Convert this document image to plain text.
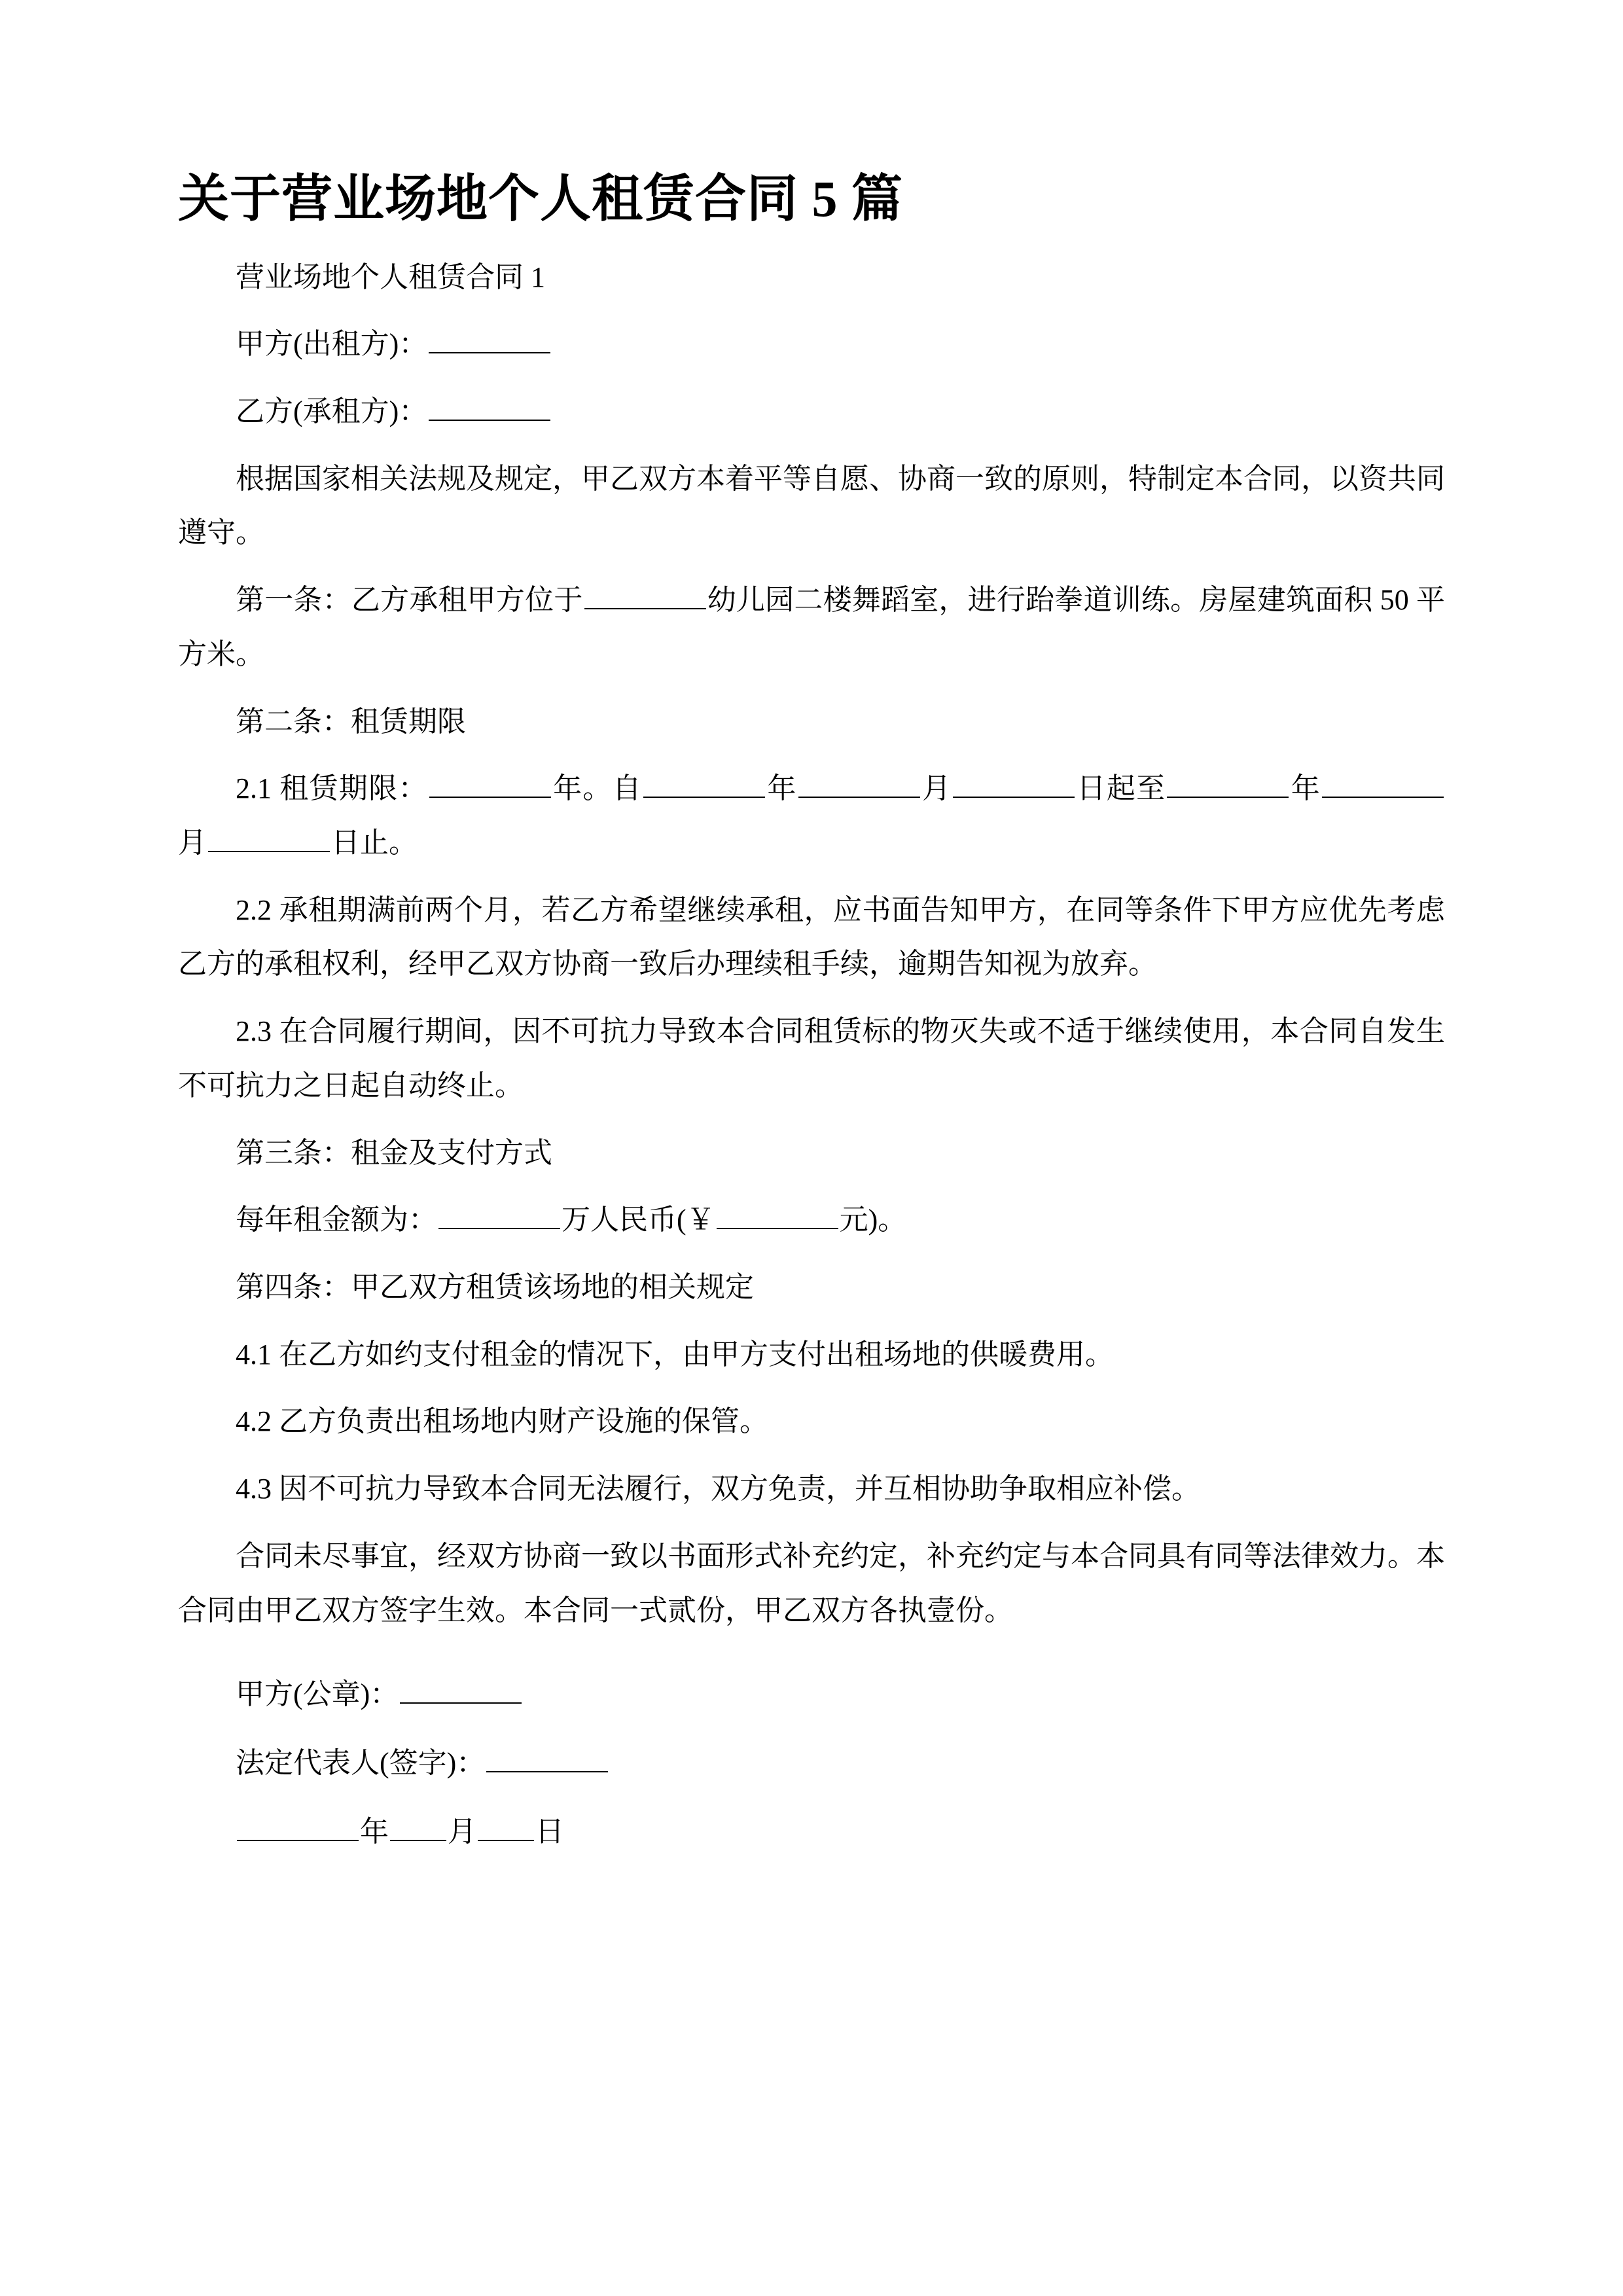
关于营业场地个人租赁合同 5 篇

营业场地个人租赁合同 1

甲方(出租方)：

乙方(承租方)：

根据国家相关法规及规定，甲乙双方本着平等自愿、协商一致的原则，特制定本合同，以资共同遵守。

第一条：乙方承租甲方位于	幼儿园二楼舞蹈室，进行跆拳道训练。房屋建筑面积 50 平方米。

第二条：租赁期限

2.1 租赁期限：	年。自	年	月	日起至	年月	日止。

2.2 承租期满前两个月，若乙方希望继续承租，应书面告知甲方，在同等条件下甲方应优先考虑乙方的承租权利，经甲乙双方协商一致后办理续租手续，逾期告知视为放弃。

2.3 在合同履行期间，因不可抗力导致本合同租赁标的物灭失或不适于继续使用，本合同自发生不可抗力之日起自动终止。

第三条：租金及支付方式

每年租金额为：	万人民币(￥	元)。

第四条：甲乙双方租赁该场地的相关规定

4.1 在乙方如约支付租金的情况下，由甲方支付出租场地的供暖费用。

4.2 乙方负责出租场地内财产设施的保管。

4.3 因不可抗力导致本合同无法履行，双方免责，并互相协助争取相应补偿。

合同未尽事宜，经双方协商一致以书面形式补充约定，补充约定与本合同具有同等法律效力。本合同由甲乙双方签字生效。本合同一式贰份，甲乙双方各执壹份。

甲方(公章)：

法定代表人(签字)：

年 月 日
